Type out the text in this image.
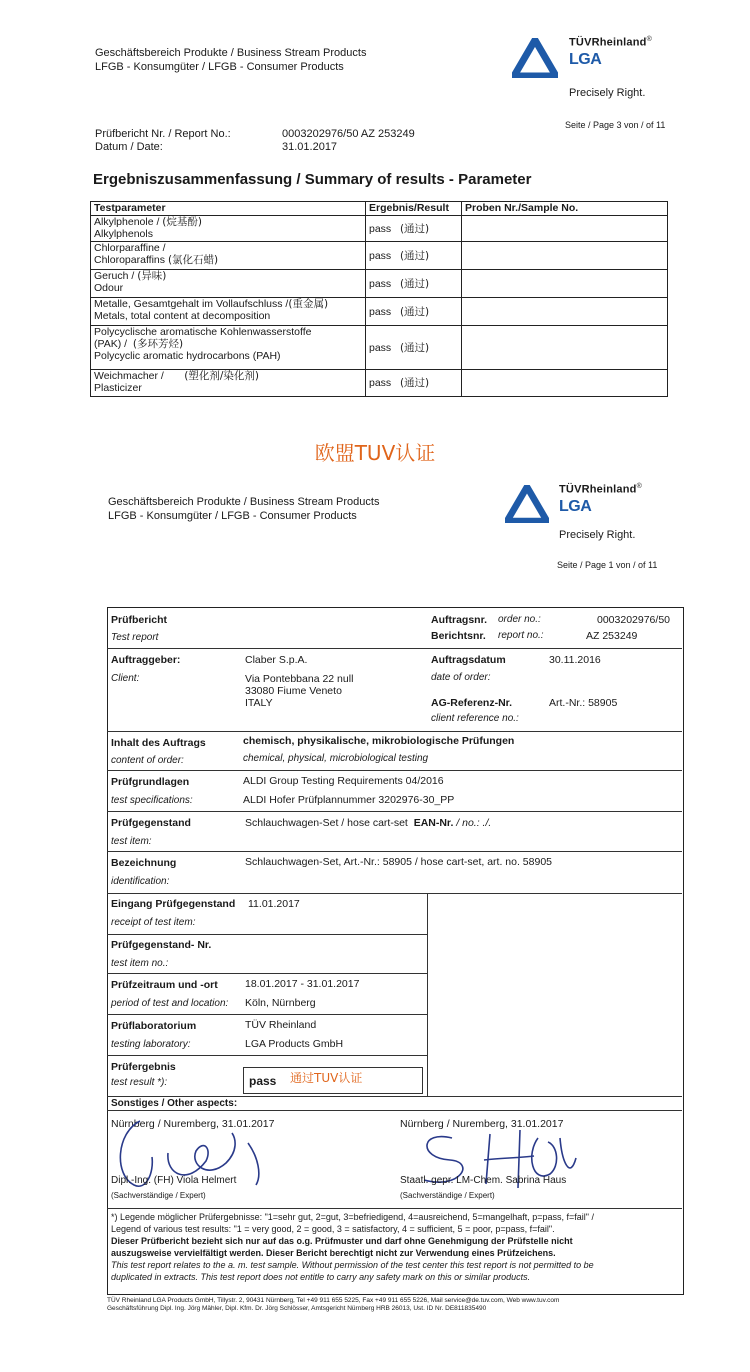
Geschäftsbereich Produkte / Business Stream Products
LFGB - Konsumgüter / LFGB - Consumer Products
TÜVRheinland®
LGA
Precisely Right.
Seite / Page 3 von / of 11
Prüfbericht Nr. / Report No.:	0003202976/50 AZ 253249
Datum / Date:	31.01.2017
Ergebniszusammenfassung / Summary of results - Parameter
Testparameter	Ergebnis/Result	Proben Nr./Sample No.
Alkylphenole / (烷基酚)
Alkylphenols	pass (通过)	
Chlorparaffine /
Chloroparaffins (氯化石蜡)	pass (通过)	
Geruch / (异味)
Odour	pass (通过)	
Metalle, Gesamtgehalt im Vollaufschluss /(重金属)
Metals, total content at decomposition	pass (通过)	
Polycyclische aromatische Kohlenwasserstoffe
(PAK) / (多环芳烃)
Polycyclic aromatic hydrocarbons (PAH)	pass (通过)	
Weichmacher / (塑化剂/染化剂)
Plasticizer	pass (通过)	
欧盟TUV认证
Geschäftsbereich Produkte / Business Stream Products
LFGB - Konsumgüter / LFGB - Consumer Products
TÜVRheinland®
LGA
Precisely Right.
Seite / Page 1 von / of 11
Prüfbericht
Test report
Auftragsnr. order no.:	0003202976/50
Berichtsnr. report no.:	AZ 253249
Auftraggeber:
Client:
Claber S.p.A.
Via Pontebbana 22 null
33080 Fiume Veneto
ITALY
Auftragsdatum	30.11.2016
date of order:
AG-Referenz-Nr.	Art.-Nr.: 58905
client reference no.:
Inhalt des Auftrags	chemisch, physikalische, mikrobiologische Prüfungen
content of order:	chemical, physical, microbiological testing
Prüfgrundlagen	ALDI Group Testing Requirements 04/2016
test specifications:	ALDI Hofer Prüfplannummer 3202976-30_PP
Prüfgegenstand	Schlauchwagen-Set / hose cart-set EAN-Nr. / no.: ./.
test item:
Bezeichnung	Schlauchwagen-Set, Art.-Nr.: 58905 / hose cart-set, art. no. 58905
identification:
Eingang Prüfgegenstand 11.01.2017
receipt of test item:
Prüfgegenstand- Nr.
test item no.:
Prüfzeitraum und -ort	18.01.2017 - 31.01.2017
period of test and location: Köln, Nürnberg
Prüflaboratorium	TÜV Rheinland
testing laboratory:	LGA Products GmbH
Prüfergebnis
test result *):	pass 通过TUV认证
Sonstiges / Other aspects:
Nürnberg / Nuremberg, 31.01.2017	Nürnberg / Nuremberg, 31.01.2017
Dipl.-Ing. (FH) Viola Helmert	Staatl. gepr. LM-Chem. Sabrina Haus
(Sachverständige / Expert)	(Sachverständige / Expert)
*) Legende möglicher Prüfergebnisse: "1=sehr gut, 2=gut, 3=befriedigend, 4=ausreichend, 5=mangelhaft, p=pass, f=fail" /
Legend of various test results: "1 = very good, 2 = good, 3 = satisfactory, 4 = sufficient, 5 = poor, p=pass, f=fail".
Dieser Prüfbericht bezieht sich nur auf das o.g. Prüfmuster und darf ohne Genehmigung der Prüfstelle nicht
auszugsweise vervielfältigt werden. Dieser Bericht berechtigt nicht zur Verwendung eines Prüfzeichens.
This test report relates to the a. m. test sample. Without permission of the test center this test report is not permitted to be
duplicated in extracts. This test report does not entitle to carry any safety mark on this or similar products.
TÜV Rheinland LGA Products GmbH, Tillystr. 2, 90431 Nürnberg, Tel +49 911 655 5225, Fax +49 911 655 5226, Mail service@de.tuv.com, Web www.tuv.com
Geschäftsführung Dipl. Ing. Jörg Mähler, Dipl. Kfm. Dr. Jörg Schlösser, Amtsgericht Nürnberg HRB 26013, Ust. ID Nr. DE811835490
